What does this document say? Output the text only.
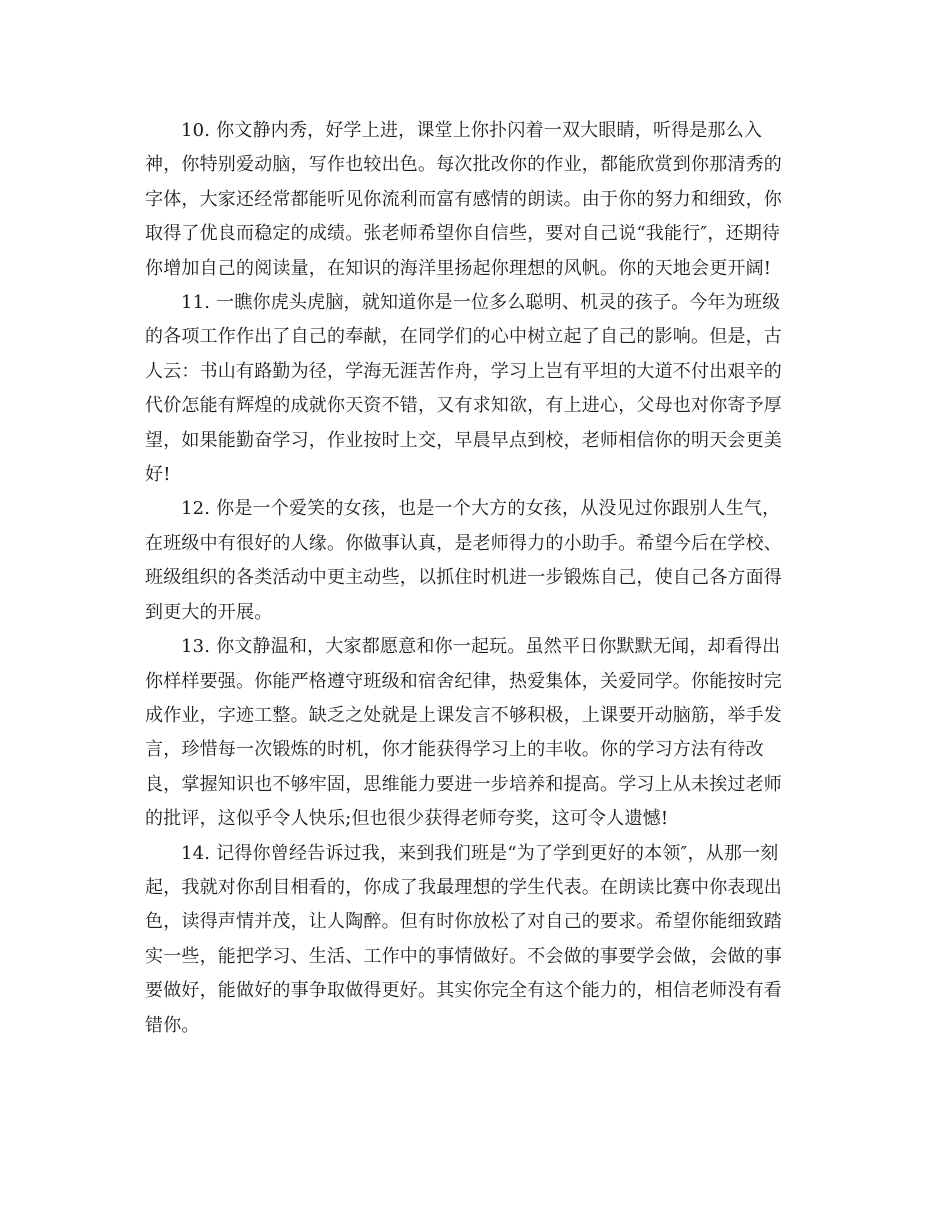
10. 你文静内秀，好学上进，课堂上你扑闪着一双大眼睛，听得是那么入
神，你特别爱动脑，写作也较出色。每次批改你的作业，都能欣赏到你那清秀的
字体，大家还经常都能听见你流利而富有感情的朗读。由于你的努力和细致，你
取得了优良而稳定的成绩。张老师希望你自信些，要对自己说“我能行″，还期待
你增加自己的阅读量，在知识的海洋里扬起你理想的风帆。你的天地会更开阔!

11. 一瞧你虎头虎脑，就知道你是一位多么聪明、机灵的孩子。今年为班级
的各项工作作出了自己的奉献，在同学们的心中树立起了自己的影响。但是，古
人云：书山有路勤为径，学海无涯苦作舟，学习上岂有平坦的大道不付出艰辛的
代价怎能有辉煌的成就你天资不错，又有求知欲，有上进心，父母也对你寄予厚
望，如果能勤奋学习，作业按时上交，早晨早点到校，老师相信你的明天会更美
好!

12. 你是一个爱笑的女孩，也是一个大方的女孩，从没见过你跟别人生气，
在班级中有很好的人缘。你做事认真，是老师得力的小助手。希望今后在学校、
班级组织的各类活动中更主动些，以抓住时机进一步锻炼自己，使自己各方面得
到更大的开展。

13. 你文静温和，大家都愿意和你一起玩。虽然平日你默默无闻，却看得出
你样样要强。你能严格遵守班级和宿舍纪律，热爱集体，关爱同学。你能按时完
成作业，字迹工整。缺乏之处就是上课发言不够积极，上课要开动脑筋，举手发
言，珍惜每一次锻炼的时机，你才能获得学习上的丰收。你的学习方法有待改
良，掌握知识也不够牢固，思维能力要进一步培养和提高。学习上从未挨过老师
的批评，这似乎令人快乐;但也很少获得老师夸奖，这可令人遗憾!

14. 记得你曾经告诉过我，来到我们班是“为了学到更好的本领″，从那一刻
起，我就对你刮目相看的，你成了我最理想的学生代表。在朗读比赛中你表现出
色，读得声情并茂，让人陶醉。但有时你放松了对自己的要求。希望你能细致踏
实一些，能把学习、生活、工作中的事情做好。不会做的事要学会做，会做的事
要做好，能做好的事争取做得更好。其实你完全有这个能力的，相信老师没有看
错你。
